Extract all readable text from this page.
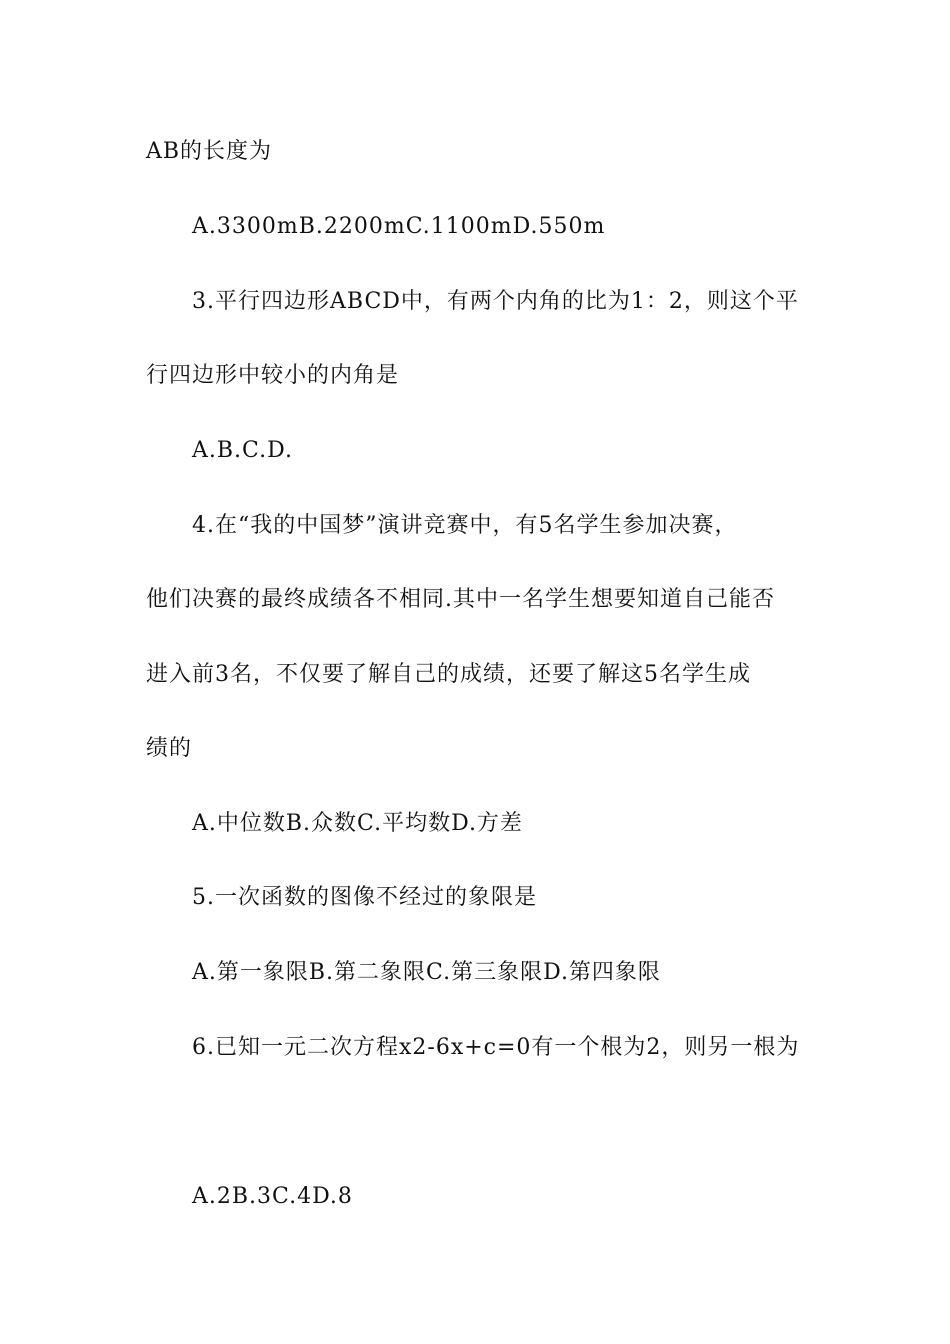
AB的长度为
A.3300mB.2200mC.1100mD.550m
3.平行四边形ABCD中，有两个内角的比为1：2，则这个平
行四边形中较小的内角是
A.B.C.D.
4.在“我的中国梦”演讲竞赛中，有5名学生参加决赛，
他们决赛的最终成绩各不相同.其中一名学生想要知道自己能否
进入前3名，不仅要了解自己的成绩，还要了解这5名学生成
绩的
A.中位数B.众数C.平均数D.方差
5.一次函数的图像不经过的象限是
A.第一象限B.第二象限C.第三象限D.第四象限
6.已知一元二次方程x2-6x+c=0有一个根为2，则另一根为
A.2B.3C.4D.8
